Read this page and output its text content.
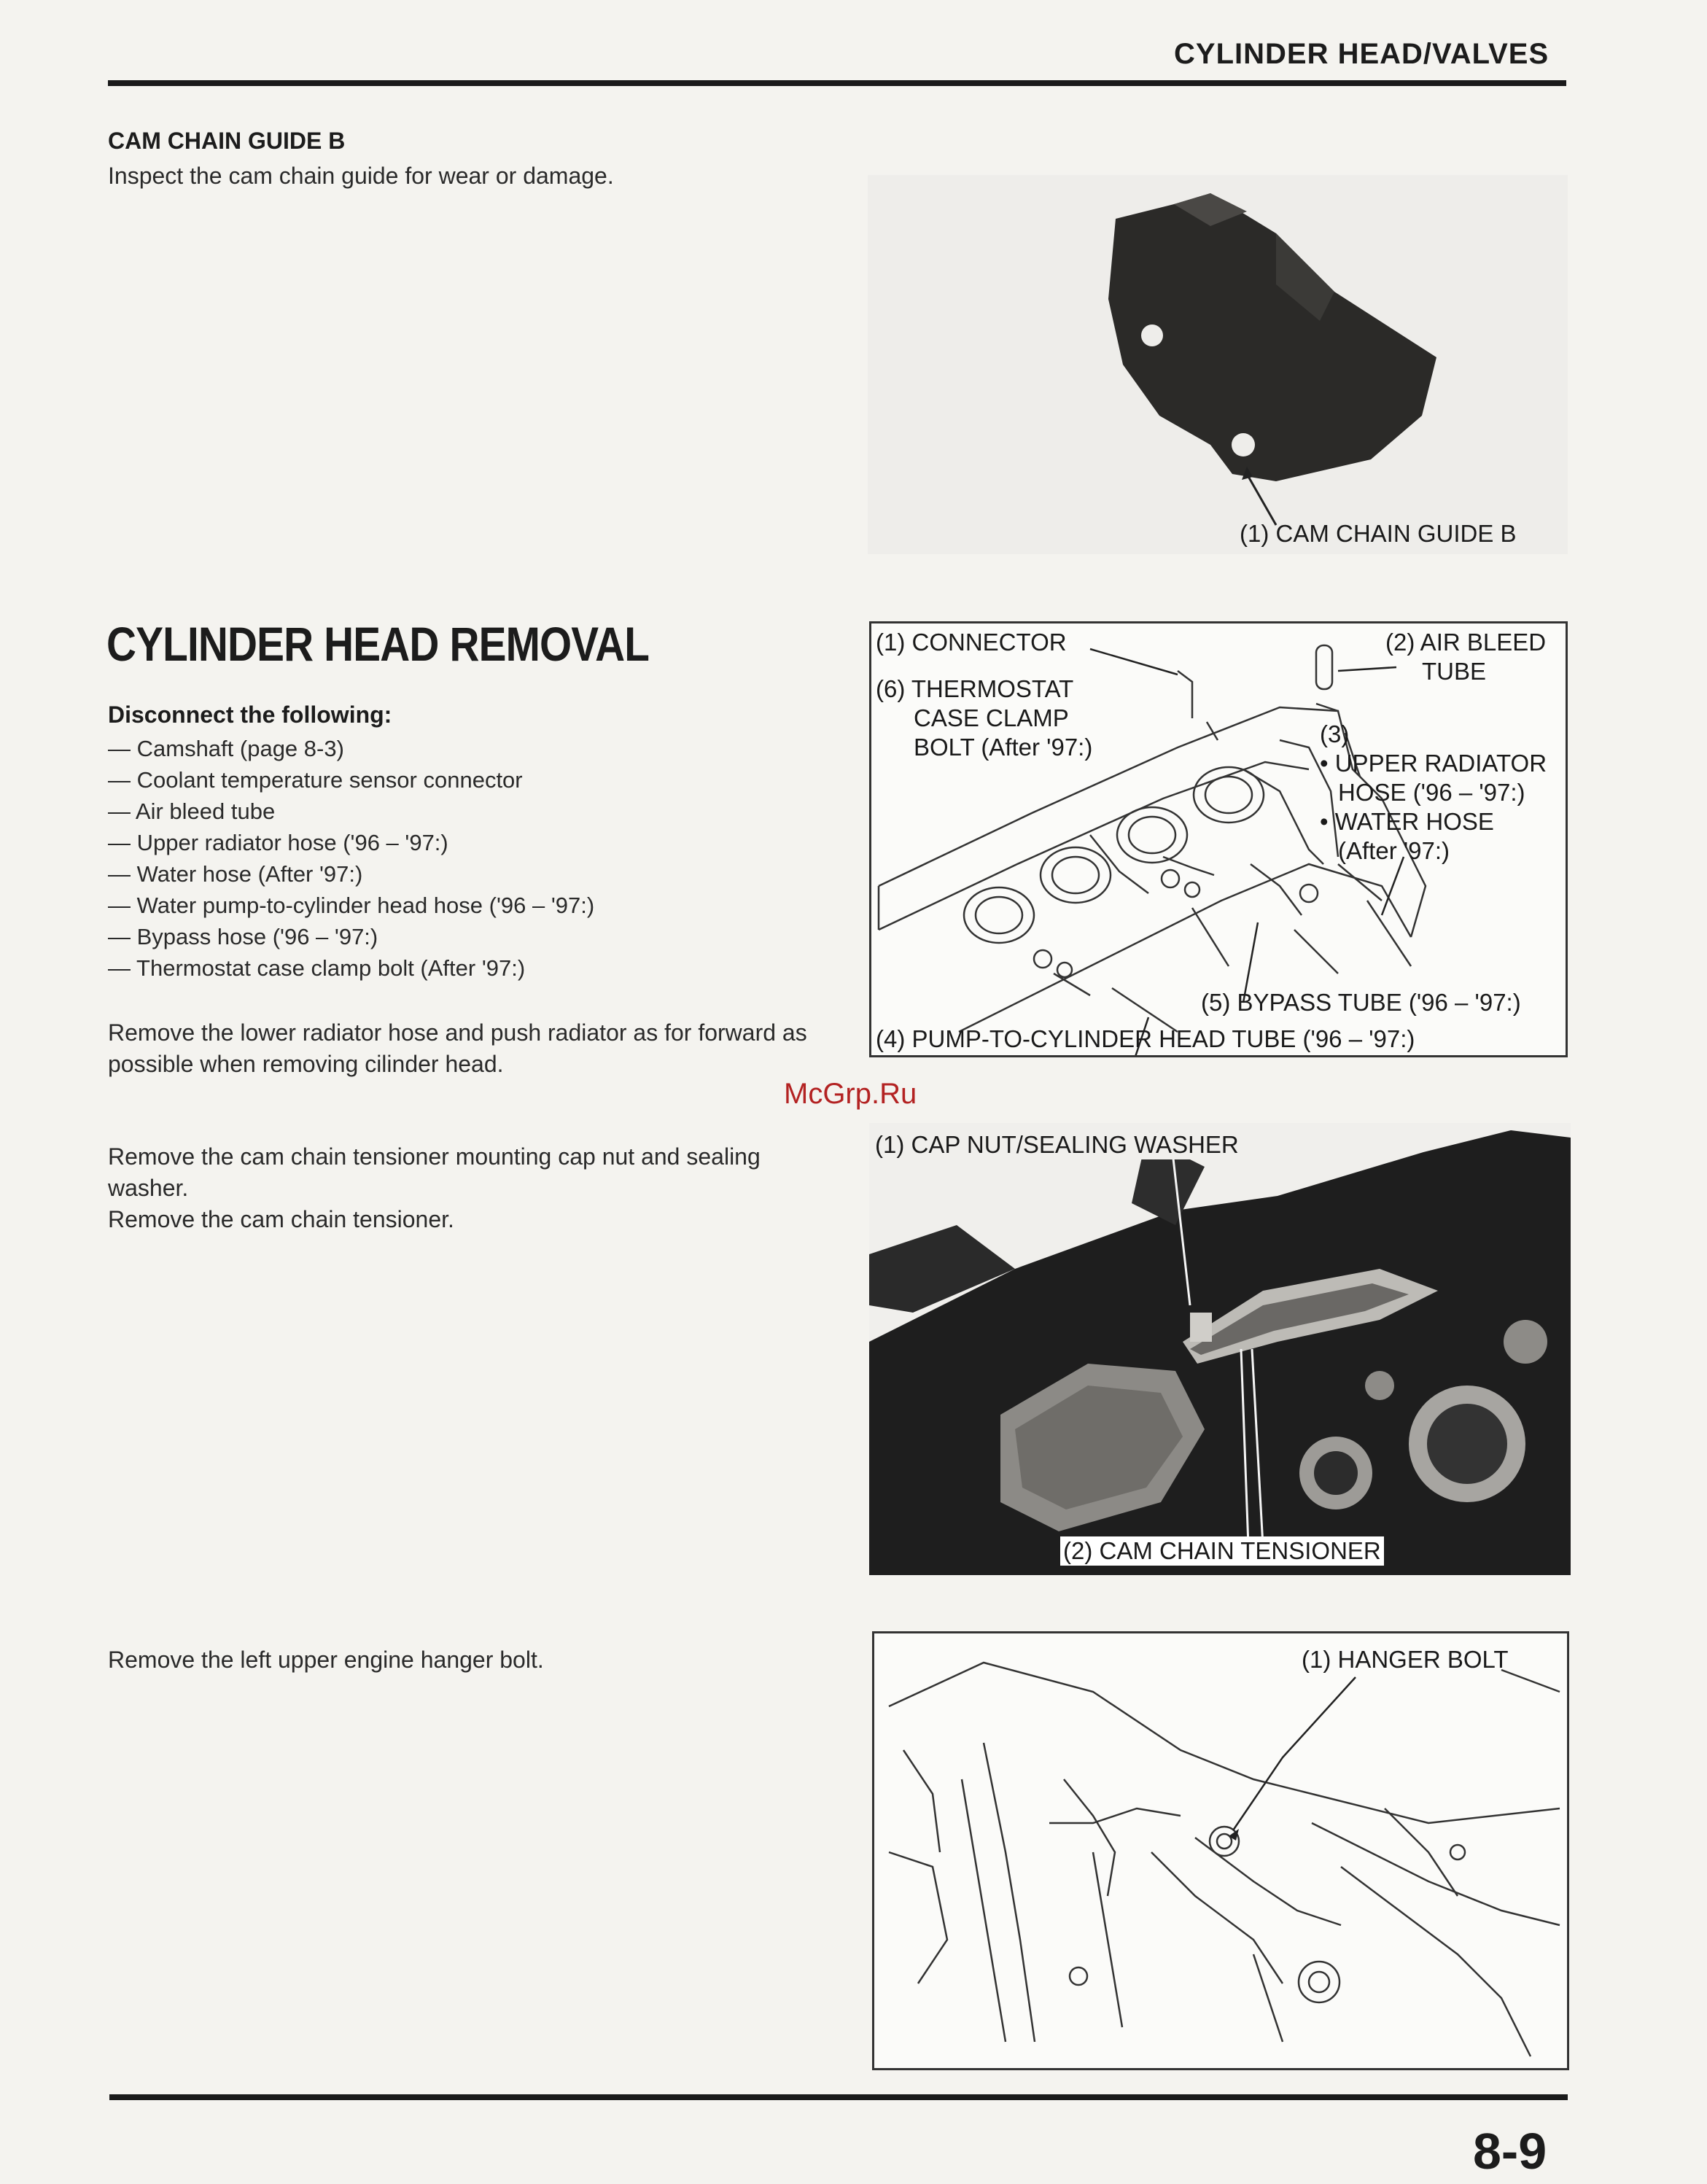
CYLINDER HEAD/VALVES
CAM CHAIN GUIDE B
Inspect the cam chain guide for wear or damage.
(1) CAM CHAIN GUIDE B
CYLINDER HEAD REMOVAL
Disconnect the following:
— Camshaft (page 8-3)
— Coolant temperature sensor connector
— Air bleed tube
— Upper radiator hose ('96 – '97:)
— Water hose (After '97:)
— Water pump-to-cylinder head hose ('96 – '97:)
— Bypass hose ('96 – '97:)
— Thermostat case clamp bolt (After '97:)
Remove the lower radiator hose and push radiator as for forward as possible when removing cilinder head.
(1) CONNECTOR	(2) AIR BLEED
TUBE
(6) THERMOSTAT
CASE CLAMP
BOLT (After '97:)	(3)
• UPPER RADIATOR
HOSE ('96 – '97:)
• WATER HOSE
(After '97:)
(5) BYPASS TUBE ('96 – '97:)
(4) PUMP-TO-CYLINDER HEAD TUBE ('96 – '97:)
McGrp.Ru
Remove the cam chain tensioner mounting cap nut and sealing washer.
Remove the cam chain tensioner.
(1) CAP NUT/SEALING WASHER
(2) CAM CHAIN TENSIONER
Remove the left upper engine hanger bolt.	(1) HANGER BOLT
8-9
